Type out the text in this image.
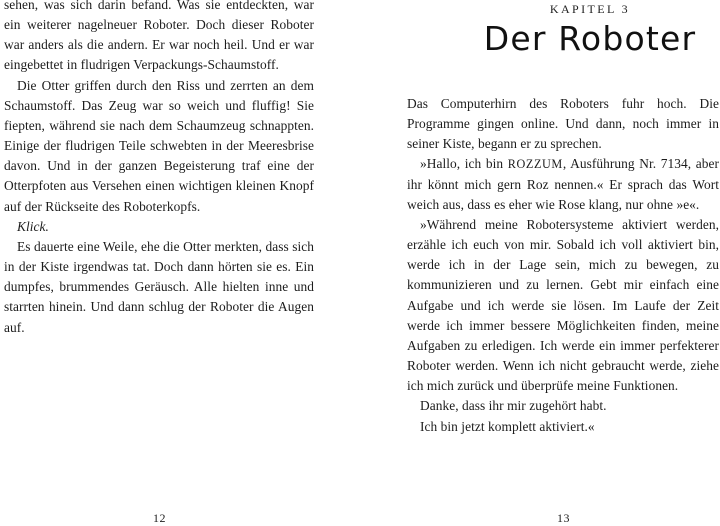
sehen, was sich darin befand. Was sie entdeckten, war ein weiterer nagelneuer Roboter. Doch dieser Roboter war anders als die andern. Er war noch heil. Und er war eingebettet in fludrigen Verpackungs-Schaumstoff.

Die Otter griffen durch den Riss und zerrten an dem Schaumstoff. Das Zeug war so weich und fluffig! Sie fiepten, während sie nach dem Schaumzeug schnappten. Einige der fludrigen Teile schwebten in der Meeresbrise davon. Und in der ganzen Begeisterung traf eine der Otterpfoten aus Versehen einen wichtigen kleinen Knopf auf der Rückseite des Roboterkopfs.

Klick.

Es dauerte eine Weile, ehe die Otter merkten, dass sich in der Kiste irgendwas tat. Doch dann hörten sie es. Ein dumpfes, brummendes Geräusch. Alle hielten inne und starrten hinein. Und dann schlug der Roboter die Augen auf.

12
KAPITEL 3
Der Roboter

Das Computerhirn des Roboters fuhr hoch. Die Programme gingen online. Und dann, noch immer in seiner Kiste, begann er zu sprechen.

»Hallo, ich bin ROZZUM, Ausführung Nr. 7134, aber ihr könnt mich gern Roz nennen.« Er sprach das Wort weich aus, dass es eher wie Rose klang, nur ohne »e«.

»Während meine Robotersysteme aktiviert werden, erzähle ich euch von mir. Sobald ich voll aktiviert bin, werde ich in der Lage sein, mich zu bewegen, zu kommunizieren und zu lernen. Gebt mir einfach eine Aufgabe und ich werde sie lösen. Im Laufe der Zeit werde ich immer bessere Möglichkeiten finden, meine Aufgaben zu erledigen. Ich werde ein immer perfekterer Roboter werden. Wenn ich nicht gebraucht werde, ziehe ich mich zurück und überprüfe meine Funktionen.

Danke, dass ihr mir zugehört habt.

Ich bin jetzt komplett aktiviert.«

13
